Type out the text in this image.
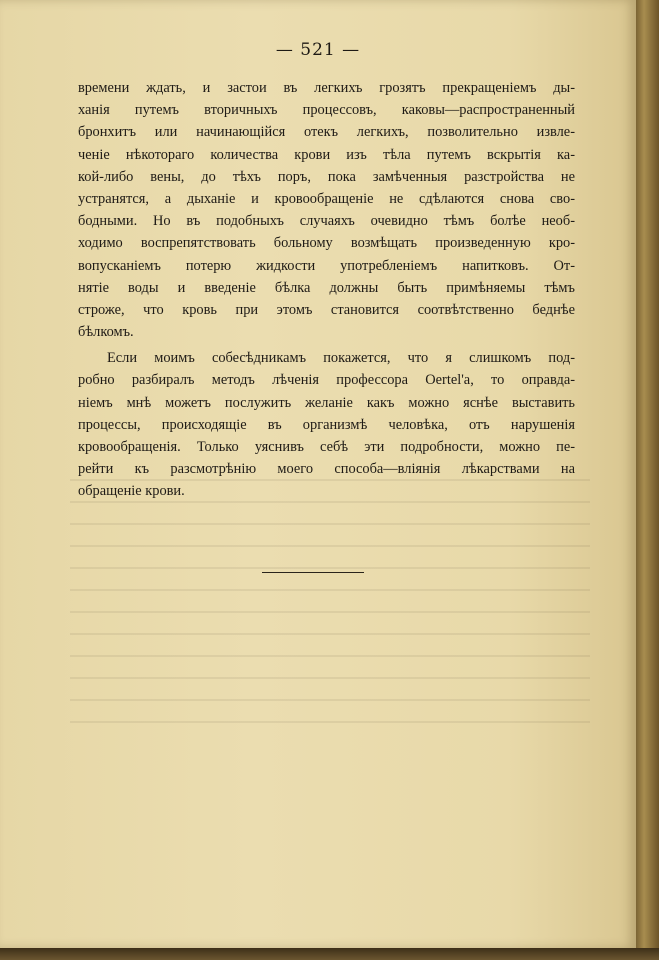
— 521 —
времени ждать, и застои въ легкихъ грозятъ прекращенiемъ ды-
ханiя путемъ вторичныхъ процессовъ, каковы—распространенный
бронхитъ или начинающiйся отекъ легкихъ, позволительно извле-
ченiе нѣкотораго количества крови изъ тѣла путемъ вскрытiя ка-
кой-либо вены, до тѣхъ поръ, пока замѣченныя разстройства не
устранятся, а дыханiе и кровообращенiе не сдѣлаются снова сво-
бодными. Но въ подобныхъ случаяхъ очевидно тѣмъ болѣе необ-
ходимо воспрепятствовать больному возмѣщать произведенную кро-
вопусканiемъ потерю жидкости употребленiемъ напитковъ. От-
нятiе воды и введенiе бѣлка должны быть примѣняемы тѣмъ
строже, что кровь при этомъ становится соотвѣтственно беднѣе
бѣлкомъ.
Если моимъ собесѣдникамъ покажется, что я слишкомъ под-
робно разбиралъ методъ лѣченiя профессора Oertel'а, то оправда-
нiемъ мнѣ можетъ послужить желанiе какъ можно яснѣе выставить
процессы, происходящiе въ организмѣ человѣка, отъ нарушенiя
кровообращенiя. Только уяснивъ себѣ эти подробности, можно пе-
рейти къ разсмотрѣнiю моего способа—влiянiя лѣкарствами на
обращенiе крови.
